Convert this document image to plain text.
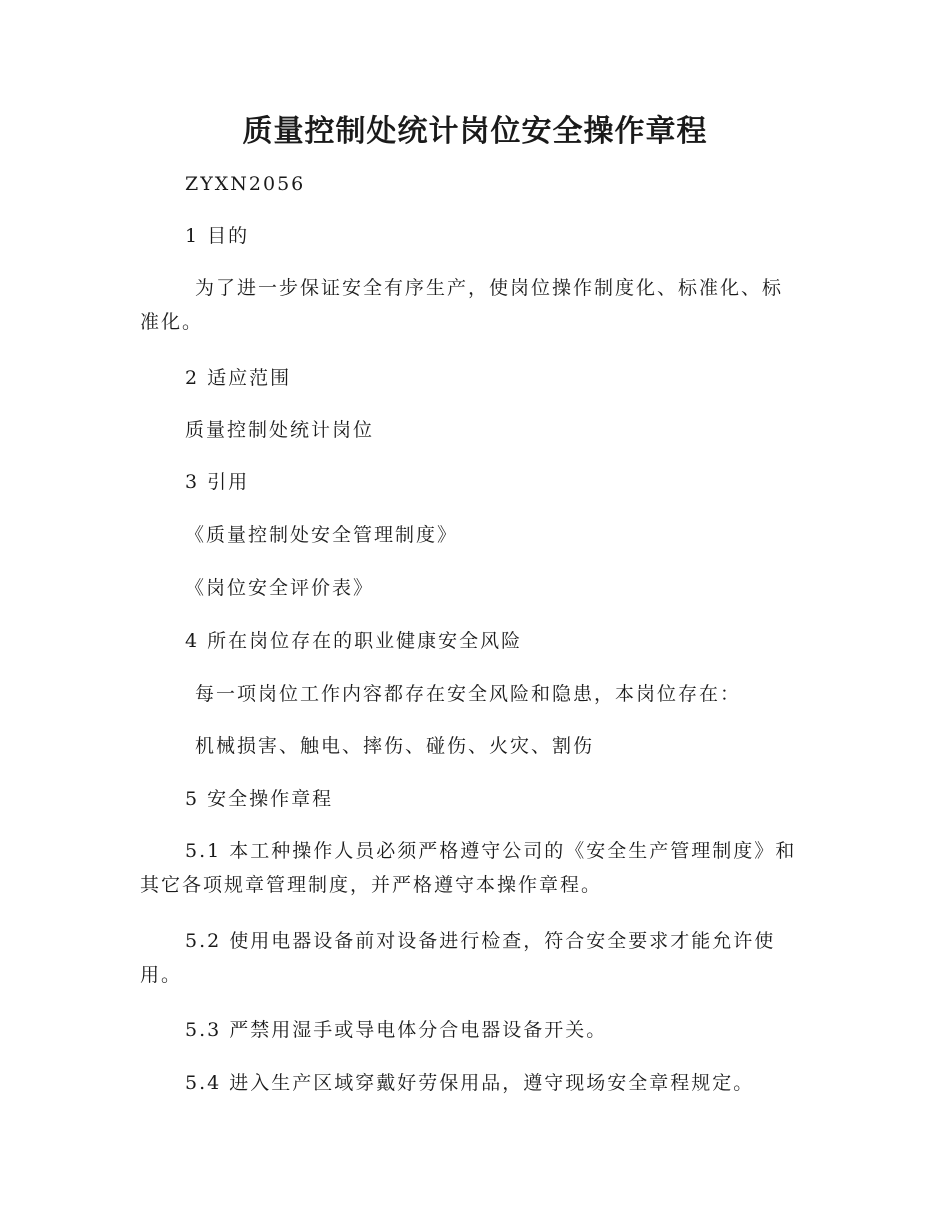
质量控制处统计岗位安全操作章程

ZYXN2056

1 目的

为了进一步保证安全有序生产，使岗位操作制度化、标准化、标

准化。

2 适应范围

质量控制处统计岗位

3 引用

《质量控制处安全管理制度》

《岗位安全评价表》

4 所在岗位存在的职业健康安全风险

每一项岗位工作内容都存在安全风险和隐患，本岗位存在：

机械损害、触电、摔伤、碰伤、火灾、割伤

5 安全操作章程

5.1 本工种操作人员必须严格遵守公司的《安全生产管理制度》和

其它各项规章管理制度，并严格遵守本操作章程。

5.2 使用电器设备前对设备进行检查，符合安全要求才能允许使

用。

5.3 严禁用湿手或导电体分合电器设备开关。

5.4 进入生产区域穿戴好劳保用品，遵守现场安全章程规定。
